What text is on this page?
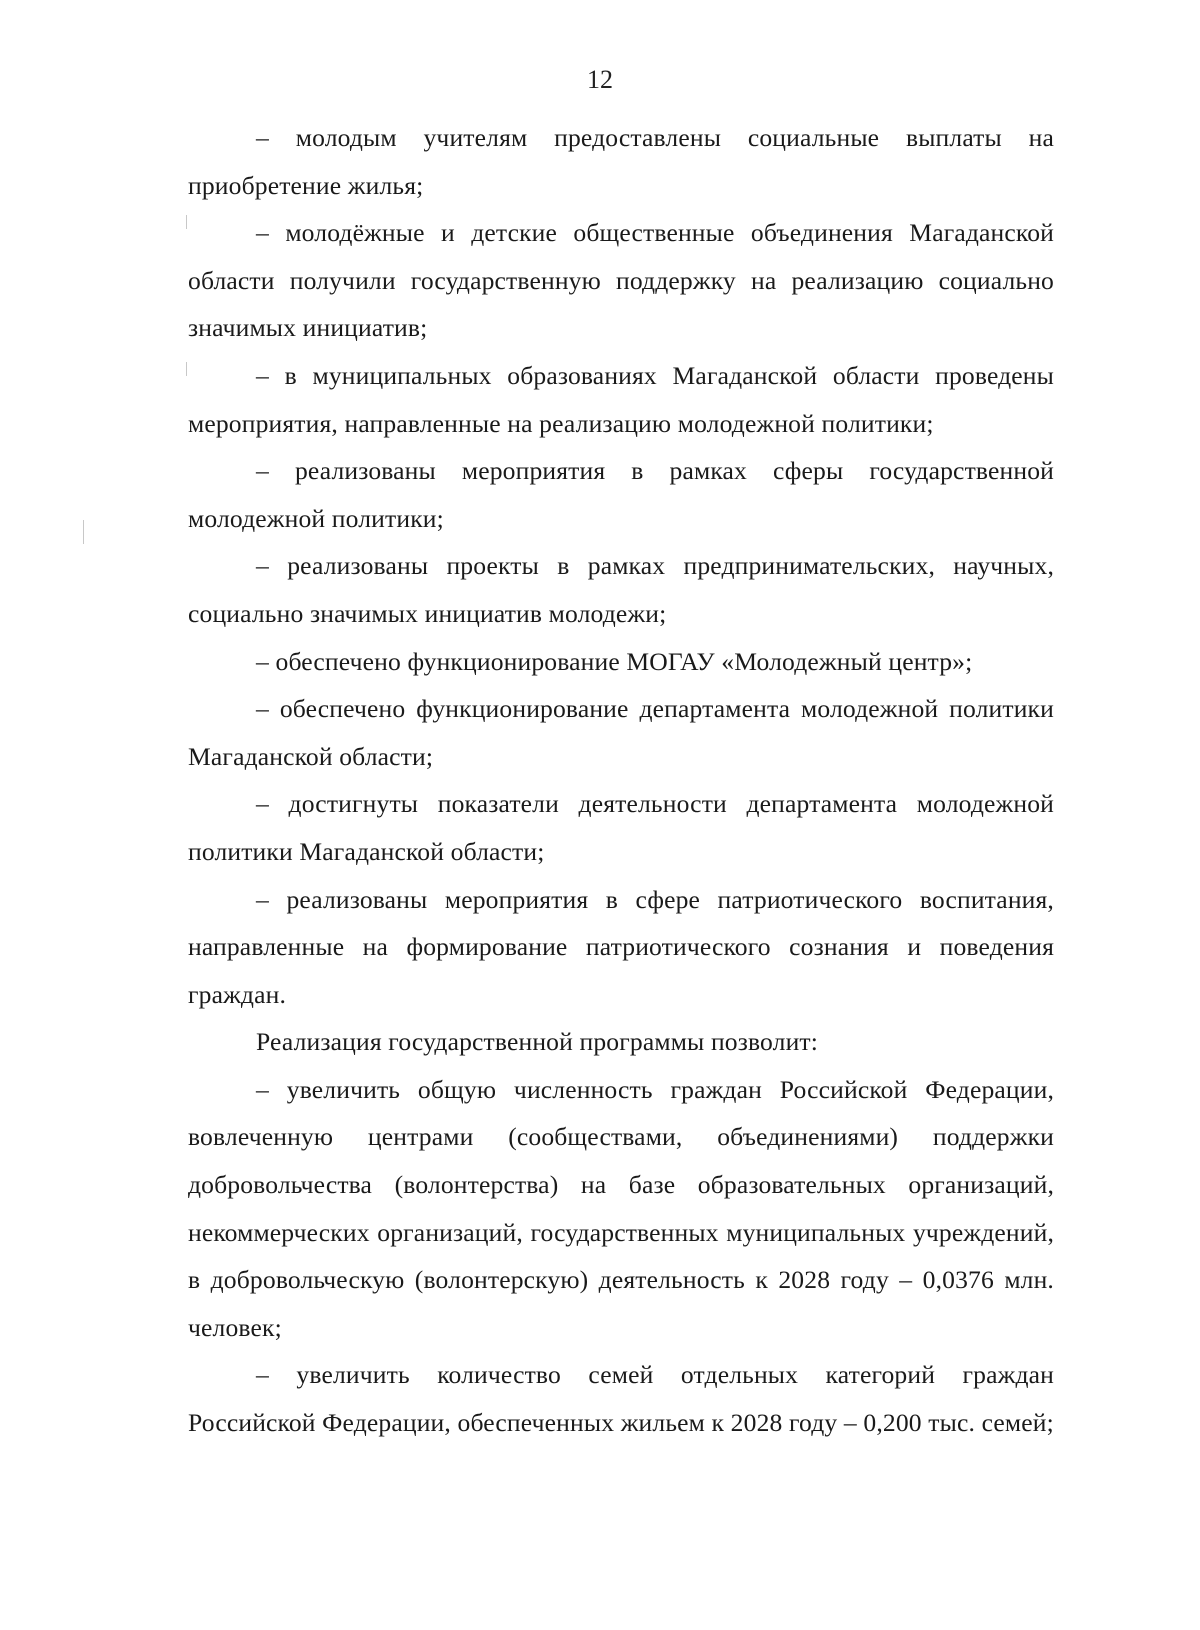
12

– молодым учителям предоставлены социальные выплаты на приобретение жилья;

– молодёжные и детские общественные объединения Магаданской области получили государственную поддержку на реализацию социально значимых инициатив;

– в муниципальных образованиях Магаданской области проведены мероприятия, направленные на реализацию молодежной политики;

– реализованы мероприятия в рамках сферы государственной молодежной политики;

– реализованы проекты в рамках предпринимательских, научных, социально значимых инициатив молодежи;

– обеспечено функционирование МОГАУ «Молодежный центр»;

– обеспечено функционирование департамента молодежной политики Магаданской области;

– достигнуты показатели деятельности департамента молодежной политики Магаданской области;

– реализованы мероприятия в сфере патриотического воспитания, направленные на формирование патриотического сознания и поведения граждан.

Реализация государственной программы позволит:

– увеличить общую численность граждан Российской Федерации, вовлеченную центрами (сообществами, объединениями) поддержки добровольчества (волонтерства) на базе образовательных организаций, некоммерческих организаций, государственных муниципальных учреждений, в добровольческую (волонтерскую) деятельность к 2028 году – 0,0376 млн. человек;

– увеличить количество семей отдельных категорий граждан Российской Федерации, обеспеченных жильем к 2028 году – 0,200 тыс. семей;
